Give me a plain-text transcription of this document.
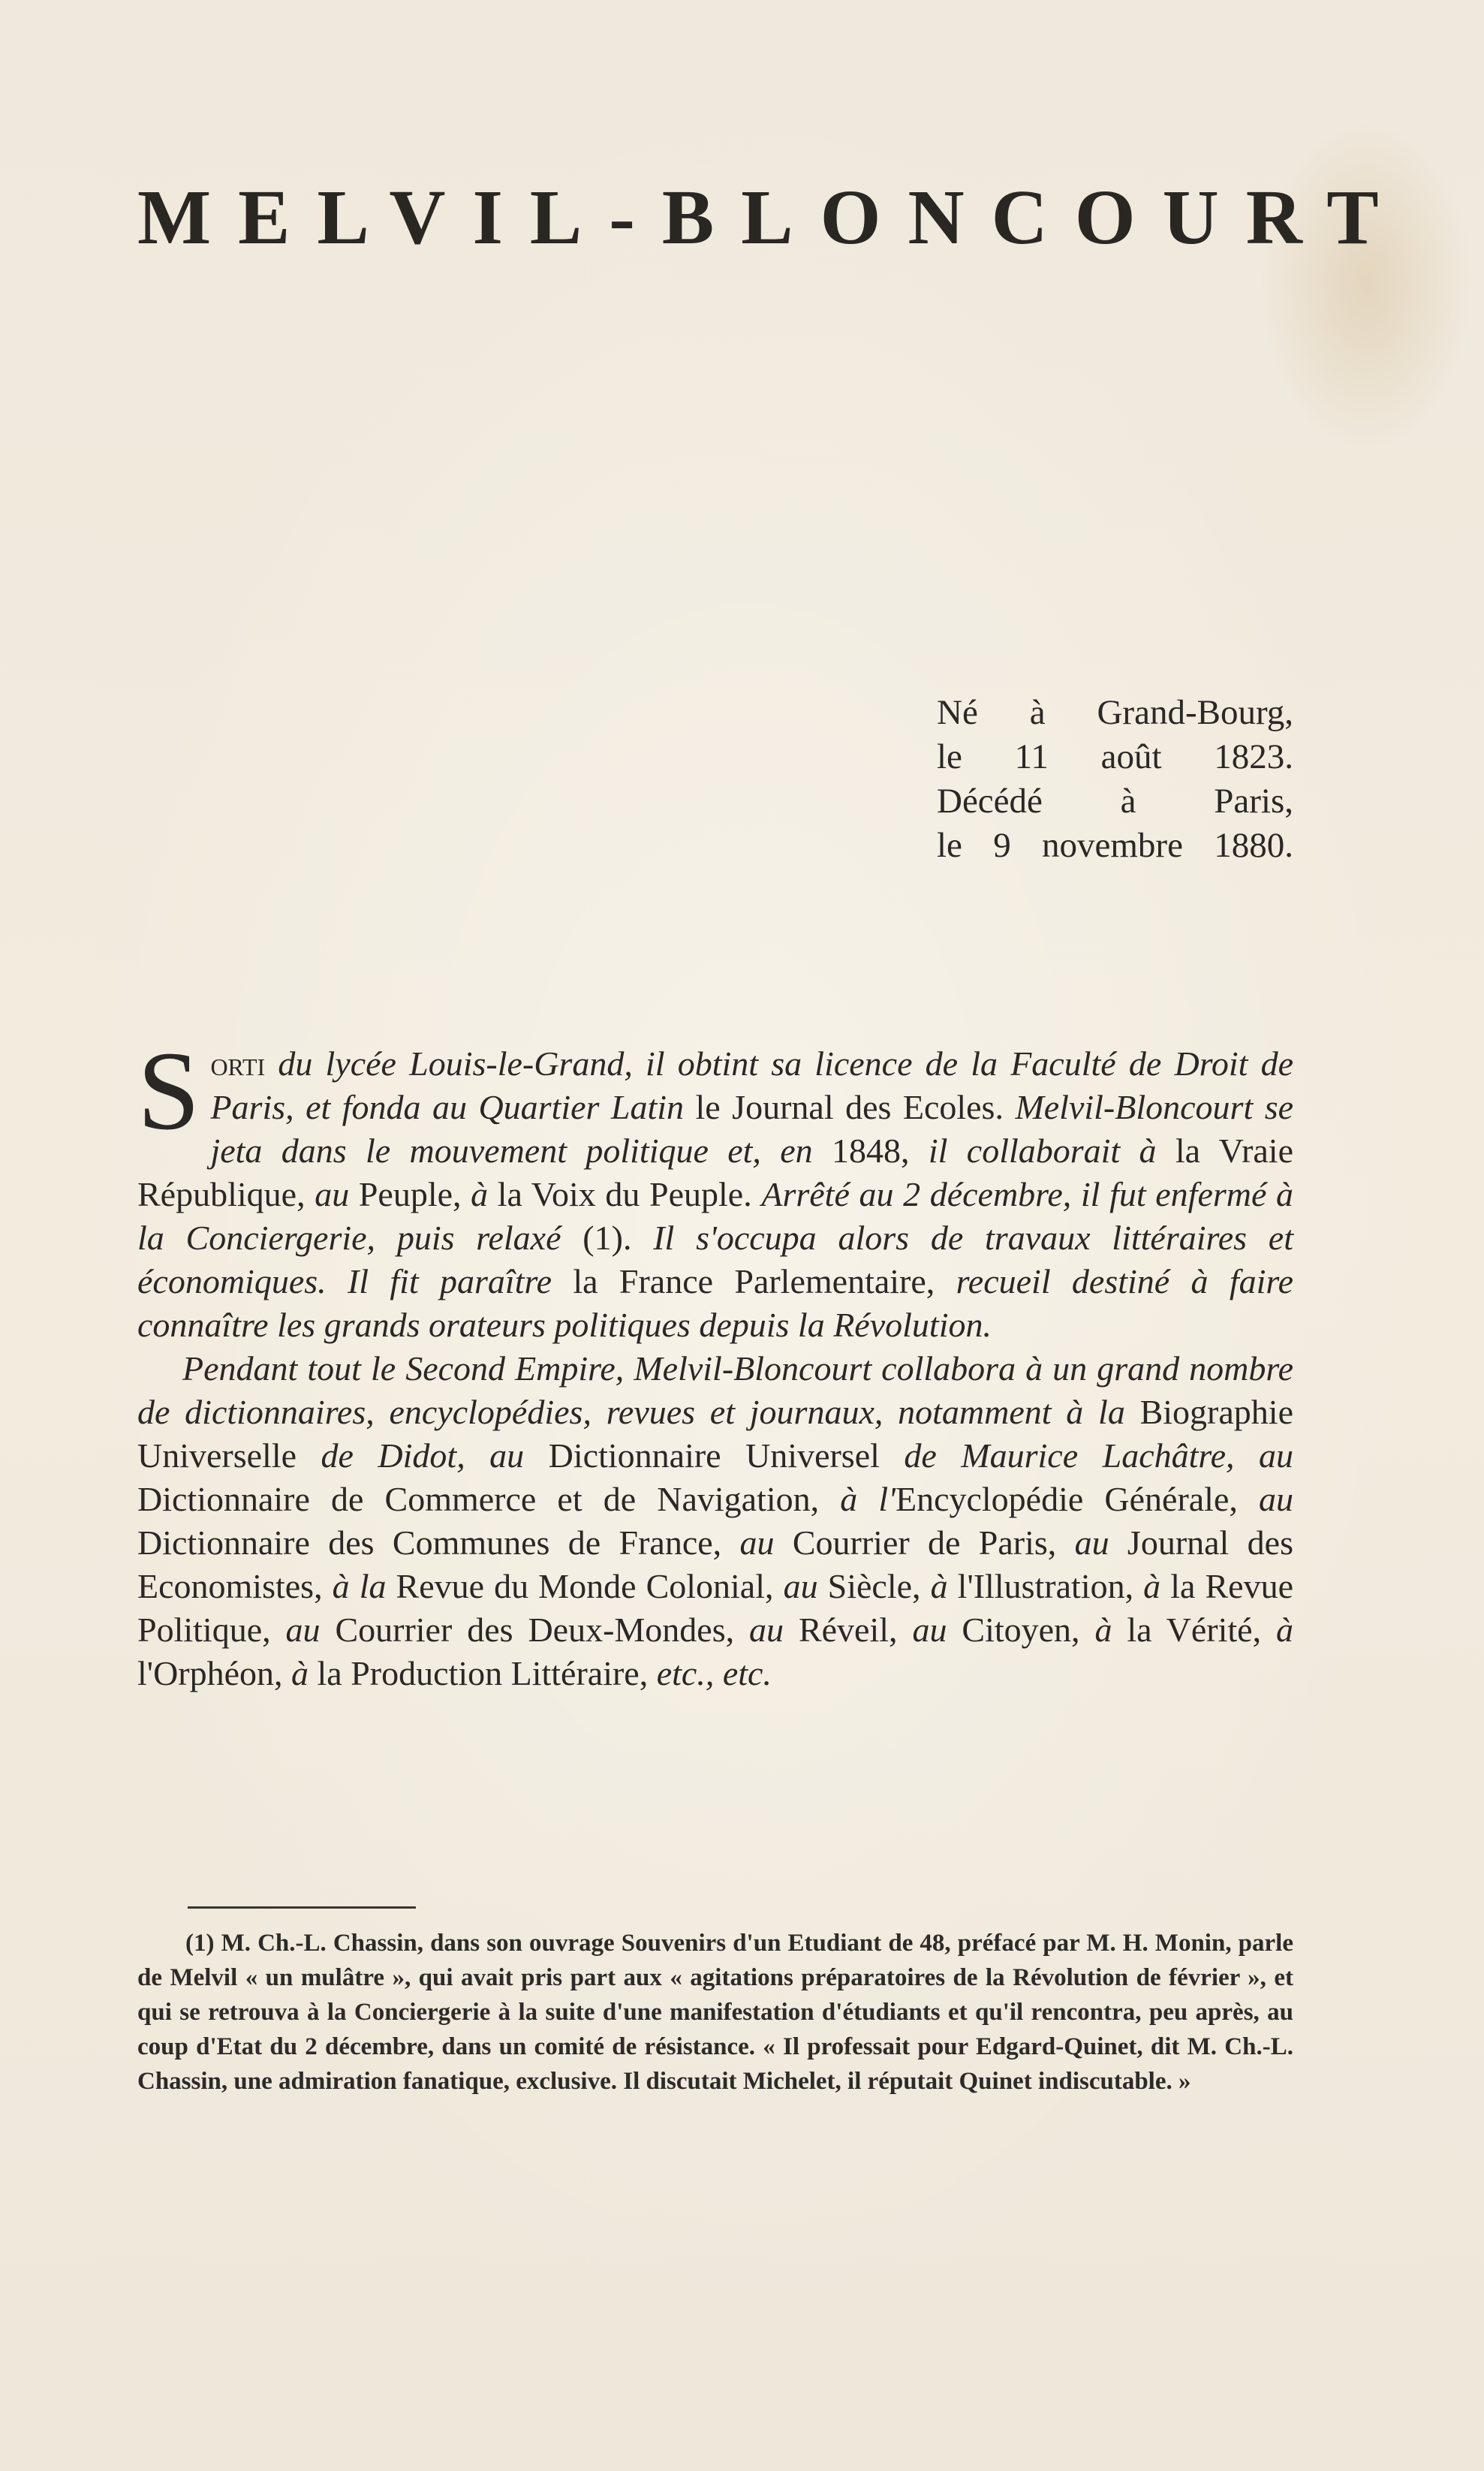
MELVIL-BLONCOURT
Né à Grand-Bourg,
le 11 août 1823.
Décédé à Paris,
le 9 novembre 1880.

S orti du lycée Louis-le-Grand, il obtint sa licence de la Faculté de Droit de Paris, et fonda au Quartier Latin le Journal des Ecoles. Melvil-Bloncourt se jeta dans le mouvement politique et, en 1848, il collaborait à la Vraie République, au Peuple, à la Voix du Peuple. Arrêté au 2 décembre, il fut enfermé à la Conciergerie, puis relaxé (1). Il s'occupa alors de travaux littéraires et économiques. Il fit paraître la France Parlementaire, recueil destiné à faire connaître les grands orateurs politiques depuis la Révolution.

Pendant tout le Second Empire, Melvil-Bloncourt collabora à un grand nombre de dictionnaires, encyclopédies, revues et journaux, notamment à la Biographie Universelle de Didot, au Dictionnaire Universel de Maurice Lachâtre, au Dictionnaire de Commerce et de Navigation, à l'Encyclopédie Générale, au Dictionnaire des Communes de France, au Courrier de Paris, au Journal des Economistes, à la Revue du Monde Colonial, au Siècle, à l'Illustration, à la Revue Politique, au Courrier des Deux-Mondes, au Réveil, au Citoyen, à la Vérité, à l'Orphéon, à la Production Littéraire, etc., etc.

(1) M. Ch.-L. Chassin, dans son ouvrage Souvenirs d'un Etudiant de 48, préfacé par M. H. Monin, parle de Melvil « un mulâtre », qui avait pris part aux « agitations préparatoires de la Révolution de février », et qui se retrouva à la Conciergerie à la suite d'une manifestation d'étudiants et qu'il rencontra, peu après, au coup d'Etat du 2 décembre, dans un comité de résistance. « Il professait pour Edgard-Quinet, dit M. Ch.-L. Chassin, une admiration fanatique, exclusive. Il discutait Michelet, il réputait Quinet indiscutable. »
